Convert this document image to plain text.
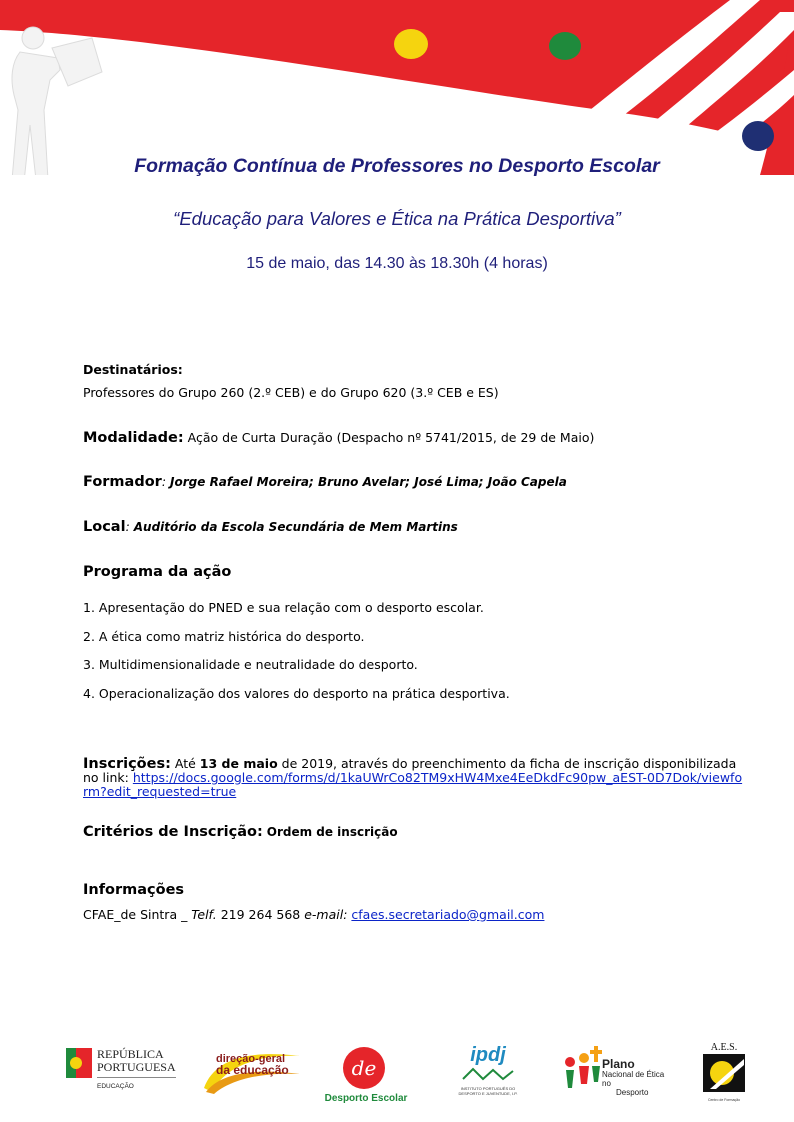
Formação Contínua de Professores no Desporto Escolar
“Educação para Valores e Ética na Prática Desportiva”
15 de maio, das 14.30 às 18.30h (4 horas)
Destinatários:
Professores do Grupo 260 (2.º CEB) e do Grupo 620 (3.º CEB e ES)
Modalidade: Ação de Curta Duração (Despacho nº 5741/2015, de 29 de Maio)
Formador: Jorge Rafael Moreira; Bruno Avelar; José Lima; João Capela
Local: Auditório da Escola Secundária de Mem Martins
Programa da ação
1. Apresentação do PNED e sua relação com o desporto escolar.
2. A ética como matriz histórica do desporto.
3. Multidimensionalidade e neutralidade do desporto.
4. Operacionalização dos valores do desporto na prática desportiva.
Inscrições: Até 13 de maio de 2019, através do preenchimento da ficha de inscrição disponibilizada no link: https://docs.google.com/forms/d/1kaUWrCo82TM9xHW4Mxe4EeDkdFc90pw_aEST-0D7Dok/viewform?edit_requested=true
Critérios de Inscrição: Ordem de inscrição
Informações
CFAE_de Sintra _ Telf. 219 264 568 e-mail: cfaes.secretariado@gmail.com
REPÚBLICA
PORTUGUESA
EDUCAÇÃO
direção-geral
da educação	de
Desporto Escolar
ipdj
INSTITUTO PORTUGUÊS DO DESPORTO E JUVENTUDE, I.P.
Plano
Nacional de Ética no
Desporto
A.E.S.
Centro de Formação
